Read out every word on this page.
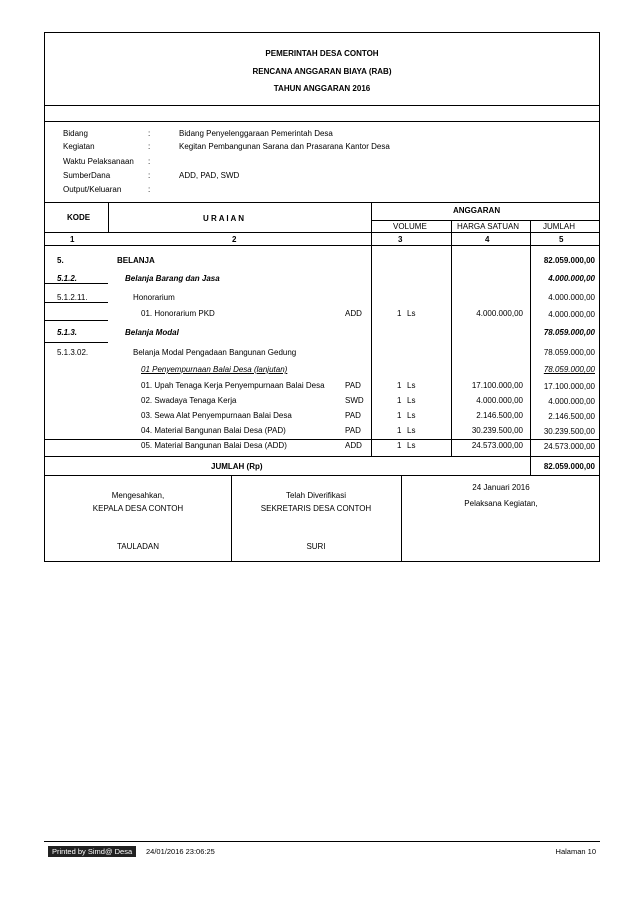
PEMERINTAH DESA CONTOH
RENCANA ANGGARAN BIAYA (RAB)
TAHUN ANGGARAN 2016
Bidang	:	Bidang Penyelenggaraan Pemerintah Desa
Kegiatan	:	Kegitan Pembangunan Sarana dan Prasarana Kantor Desa
Waktu Pelaksanaan :
SumberDana	:	ADD, PAD, SWD
Output/Keluaran	:
KODE	U R A I A N
ANGGARAN
VOLUME	HARGA SATUAN	JUMLAH
1	2	3	4	5
5.	BELANJA	82.059.000,00
5.1.2.	Belanja Barang dan Jasa	4.000.000,00
5.1.2.11.	Honorarium	4.000.000,00
01. Honorarium PKD	ADD	1 Ls	4.000.000,00	4.000.000,00
5.1.3.	Belanja Modal	78.059.000,00
5.1.3.02.	Belanja Modal Pengadaan Bangunan Gedung	78.059.000,00
01 Penyempurnaan Balai Desa (lanjutan)	78.059.000,00
01. Upah Tenaga Kerja Penyempurnaan Balai Desa	PAD	1 Ls	17.100.000,00	17.100.000,00
02. Swadaya Tenaga Kerja	SWD	1 Ls	4.000.000,00	4.000.000,00
03. Sewa Alat Penyempurnaan Balai Desa	PAD	1 Ls	2.146.500,00	2.146.500,00
04. Material Bangunan Balai Desa (PAD)	PAD	1 Ls	30.239.500,00	30.239.500,00
05. Material Bangunan Balai Desa (ADD)	ADD	1 Ls	24.573.000,00	24.573.000,00
JUMLAH (Rp)	82.059.000,00
Mengesahkan,
KEPALA DESA CONTOH
TAULADAN
Telah Diverifikasi
SEKRETARIS DESA CONTOH
SURI
24 Januari 2016
Pelaksana Kegiatan,
Printed by Simd@ Desa	24/01/2016 23:06:25	Halaman 10
